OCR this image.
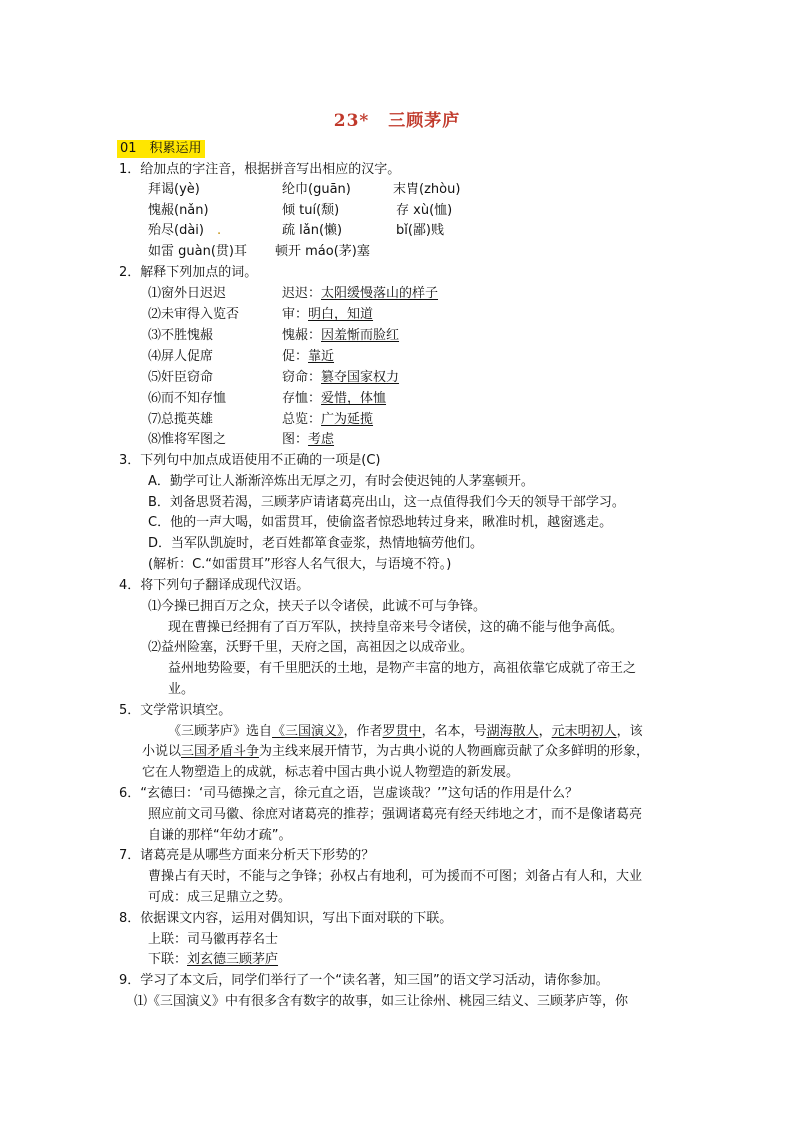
23* 三顾茅庐
01　积累运用
1．给加点的字注音，根据拼音写出相应的汉字。
拜谒(yè)	纶巾(guān)	末胄(zhòu)
愧赧(nǎn)	倾 tuí(颓)	存 xù(恤)
殆尽(dài) .	疏 lǎn(懒)	bǐ(鄙)贱
如雷 guàn(贯)耳 顿开 máo(茅)塞
2．解释下列加点的词。
⑴窗外日迟迟	迟迟：太阳缓慢落山的样子
⑵未审得入览否	审：明白，知道
⑶不胜愧赧	愧赧：因羞惭而脸红
⑷屏人促席	促：靠近
⑸奸臣窃命	窃命：篡夺国家权力
⑹而不知存恤	存恤：爱惜，体恤
⑺总揽英雄	总览：广为延揽
⑻惟将军图之	图：考虑
3．下列句中加点成语使用不正确的一项是(C)
A．勤学可让人渐渐淬炼出无厚之刃，有时会使迟钝的人茅塞顿开。
B．刘备思贤若渴，三顾茅庐请诸葛亮出山，这一点值得我们今天的领导干部学习。
C．他的一声大喝，如雷贯耳，使偷盗者惊恐地转过身来，瞅准时机，越窗逃走。
D．当军队凯旋时，老百姓都箪食壶浆，热情地犒劳他们。
(解析：C.“如雷贯耳”形容人名气很大，与语境不符。)
4．将下列句子翻译成现代汉语。
⑴今操已拥百万之众，挟天子以令诸侯，此诚不可与争锋。
现在曹操已经拥有了百万军队，挟持皇帝来号令诸侯，这的确不能与他争高低。
⑵益州险塞，沃野千里，天府之国，高祖因之以成帝业。
益州地势险要，有千里肥沃的土地，是物产丰富的地方，高祖依靠它成就了帝王之
业。
5．文学常识填空。
《三顾茅庐》选自《三国演义》，作者罗贯中，名本，号湖海散人，元末明初人，该
小说以三国矛盾斗争为主线来展开情节，为古典小说的人物画廊贡献了众多鲜明的形象，
它在人物塑造上的成就，标志着中国古典小说人物塑造的新发展。
6．“玄德曰：‘司马德操之言，徐元直之语，岂虚谈哉？’”这句话的作用是什么？
照应前文司马徽、徐庶对诸葛亮的推荐；强调诸葛亮有经天纬地之才，而不是像诸葛亮
自谦的那样“年幼才疏”。
7．诸葛亮是从哪些方面来分析天下形势的？
曹操占有天时，不能与之争锋；孙权占有地利，可为援而不可图；刘备占有人和，大业
可成：成三足鼎立之势。
8．依据课文内容，运用对偶知识，写出下面对联的下联。
上联：司马徽再荐名士
下联：刘玄德三顾茅庐
9．学习了本文后，同学们举行了一个“读名著，知三国”的语文学习活动，请你参加。
⑴《三国演义》中有很多含有数字的故事，如三让徐州、桃园三结义、三顾茅庐等，你
